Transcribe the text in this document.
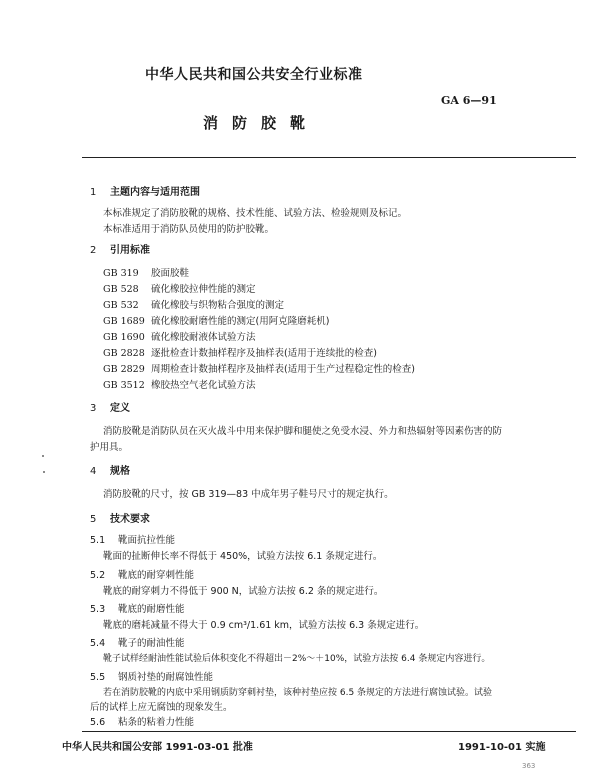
中华人民共和国公共安全行业标准
GA 6—91
消防胶靴
1 主题内容与适用范围
本标准规定了消防胶靴的规格、技术性能、试验方法、检验规则及标记。
本标准适用于消防队员使用的防护胶靴。
2 引用标准
GB 319 胶面胶鞋
GB 528 硫化橡胶拉伸性能的测定
GB 532 硫化橡胶与织物粘合强度的测定
GB 1689 硫化橡胶耐磨性能的测定(用阿克隆磨耗机)
GB 1690 硫化橡胶耐液体试验方法
GB 2828 逐批检查计数抽样程序及抽样表(适用于连续批的检查)
GB 2829 周期检查计数抽样程序及抽样表(适用于生产过程稳定性的检查)
GB 3512 橡胶热空气老化试验方法
3 定义
消防胶靴是消防队员在灭火战斗中用来保护脚和腿使之免受水浸、外力和热辐射等因素伤害的防
护用具。
4 规格
消防胶靴的尺寸，按 GB 319—83 中成年男子鞋号尺寸的规定执行。
5 技术要求
5.1 靴面抗拉性能
靴面的扯断伸长率不得低于 450%，试验方法按 6.1 条规定进行。
5.2 靴底的耐穿刺性能
靴底的耐穿刺力不得低于 900 N，试验方法按 6.2 条的规定进行。
5.3 靴底的耐磨性能
靴底的磨耗减量不得大于 0.9 cm³/1.61 km，试验方法按 6.3 条规定进行。
5.4 靴子的耐油性能
靴子试样经耐油性能试验后体积变化不得超出－2%～＋10%，试验方法按 6.4 条规定内容进行。
5.5 钢质衬垫的耐腐蚀性能
若在消防胶靴的内底中采用钢质防穿刺衬垫，该种衬垫应按 6.5 条规定的方法进行腐蚀试验。试验
后的试样上应无腐蚀的现象发生。
5.6 粘条的粘着力性能
中华人民共和国公安部 1991-03-01 批准	1991-10-01 实施
363
